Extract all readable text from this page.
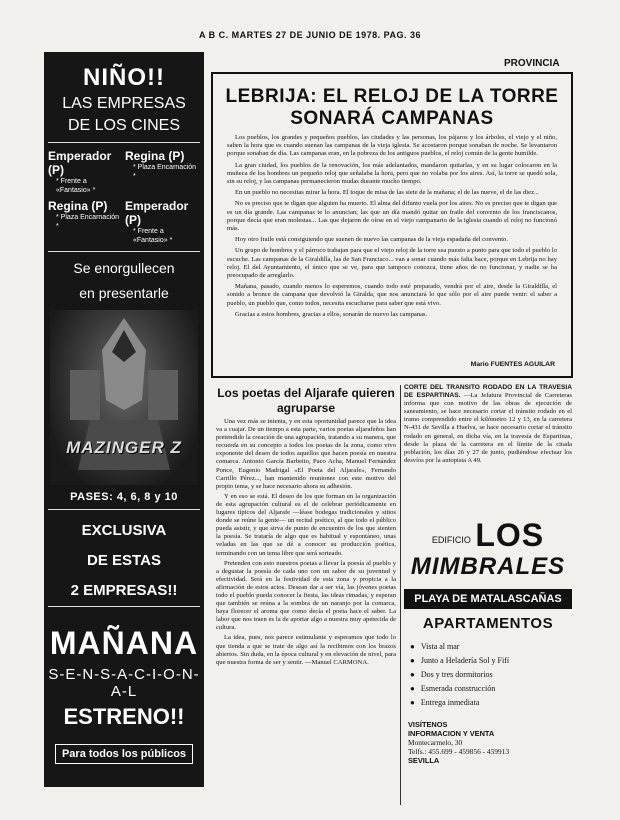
A B C. MARTES 27 DE JUNIO DE 1978. PAG. 36
NIÑO!!
LAS EMPRESAS
DE LOS CINES
Emperador (P)
* Frente a «Fantasio» *
Regina (P)
* Plaza Encarnación *
Regina (P)
* Plaza Encarnación *
Emperador (P)
* Frente a «Fantasio» *
Se enorgullecen
en presentarle
MAZINGER Z
PASES: 4, 6, 8 y 10
EXCLUSIVA
DE ESTAS
2 EMPRESAS!!
MAÑANA
S-E-N-S-A-C-I-O-N-A-L
ESTRENO!!
Para todos los públicos
PROVINCIA
LEBRIJA: EL RELOJ DE LA TORRE
SONARÁ CAMPANAS

Los pueblos, los grandes y pequeños pueblos, las ciudades y las personas, los pájaros y los árboles, el viejo y el niño, saben la hora que es cuando suenan las campanas de la vieja iglesia. Se acostaron porque sonaban de noche. Se levantaron porque sonaban de día. Las campanas eran, en la pobreza de los antiguos pueblos, el reloj común de la gente humilde.

La gran ciudad, los pueblos de la renovación, los más adelantados, mandaron quitarlas, y en su lugar colocaron en la muñeca de los hombres un pequeño reloj que señalaba la hora, pero que no volaba por los aires. Así, la torre se quedó sola, sin su reloj, y las campanas permanecieron mudas durante mucho tiempo.

En un pueblo no necesitas mirar la hora. El toque de misa de las siete de la mañana; el de las nueve, el de las diez...

No es preciso que te digan que alguien ha muerto. El alma del difunto vuela por los aires. No es preciso que te digan que es un día grande. Las campanas te lo anuncian; las que un día mandó quitar un fraile del convento de los franciscanos, porque decía que eran molestas... Las que dejaron de oírse en el viejo campanario de la iglesia cuando el reloj no funcionó más.

Hoy otro fraile está consiguiendo que suenen de nuevo las campanas de la vieja espadaña del convento.

Un grupo de hombres y el párroco trabajan para que el viejo reloj de la torre sea puesto a punto para que todo el pueblo lo escuche. Las campanas de la Giraldilla, las de San Francisco... van a sonar cuando más falta hace, porque en Lebrija no hay reloj. El del Ayuntamiento, el único que se ve, para que tampoco conozca, tiene años de no funcionar, y nadie se ha preocupado de arreglarlo.

Mañana, pasado, cuando menos lo esperemos, cuando todo esté preparado, vendrá por el aire, desde la Giraldilla, el sonido a bronce de campana que devolvió la Giralda, que nos anunciará lo que sólo por el aire puede venir: el saber a pueblo, un pueblo que, como todos, necesita escucharse para saber que está vivo.

Gracias a estos hombres, gracias a ellos, sonarán de nuevo las campanas.

Mario FUENTES AGUILAR
Los poetas del Aljarafe quieren
agruparse

Una vez más se intenta, y en esta oportunidad parece que la idea va a cuajar. De un tiempo a esta parte, varios poetas aljarafeños han pretendido la creación de una agrupación, tratando a su manera, que recuerda en su concepto a todos los poetas de la zona, como vivo exponente del deseo de todos aquellos que hacen poesía en nuestra comarca. Antonio García Barbeito, Paco Acha, Manuel Fernández Ponce, Eugenio Madrigal «El Poeta del Aljarafe», Fernando Carrillo Pérez..., han mantenido reuniones con este motivo del propio tema, y se hace necesario ahora su adhesión.

Y en eso se está. El deseo de los que forman en la organización de esta agrupación cultural es el de celebrar periódicamente en lugares típicos del Aljarafe —léase bodegas tradicionales y sitios donde se reúne la gente— un recital poético, al que todo el público pueda asistir, y que sirva de punto de encuentro de los que sienten la poesía. Se trataría de algo que es habitual y espontáneo, unas veladas en las que se dé a conocer su producción poética, terminando con un tema libre que será sorteado.

Pretenden con esto nuestros poetas a llevar la poesía al pueblo y a degustar la poesía de cada uno con un sabor de su juventud y efectividad. Será en la festividad de esta zona y propicia a la afirmación de estos actos. Desean dar a ser vía, las jóvenes poetas todo el pueblo pueda conocer la fiesta, las ideas rimadas, y esperan que también se reúna a la sombra de un naranjo por la comarca, haya florecer el aroma que como decía el poeta hace el saber. La labor que nos traen es la de aportar algo a nuestra muy apetecida de cultura.

La idea, pues, nos parece estimulante y esperamos que todo lo que tienda a que se trate de algo así la recibimos con los brazos abiertos. Sin duda, en la época cultural y en elevación de nivel, para que nuestra forma de ser y sentir. —Manuel CARMONA.

CORTE DEL TRANSITO RODADO EN LA TRAVESIA DE ESPARTINAS. —La Jefatura Provincial de Carreteras informa que con motivo de las obras de ejecución de saneamiento, se hace necesario cortar el tránsito rodado en el tramo comprendido entre el kilómetro 12 y 13, en la carretera N-431 de Sevilla a Huelva, se hace necesario cortar el tránsito rodado en general, en dicha vía, en la travesía de Espartinas, desde la plaza de la carretera en el límite de la citada población, los días 26 y 27 de junio, pudiéndose efectuar los desvíos por la autopista A 49.
EDIFICIO LOS
MIMBRALES
PLAYA DE MATALASCAÑAS
APARTAMENTOS
● Vista al mar
● Junto a Heladería Sol y Fifí
● Dos y tres dormitorios
● Esmerada construcción
● Entrega inmediata
VISÍTENOS
INFORMACION Y VENTA
Montecarmelo, 30
Telfs.: 455.699 - 459856 - 459913
SEVILLA
